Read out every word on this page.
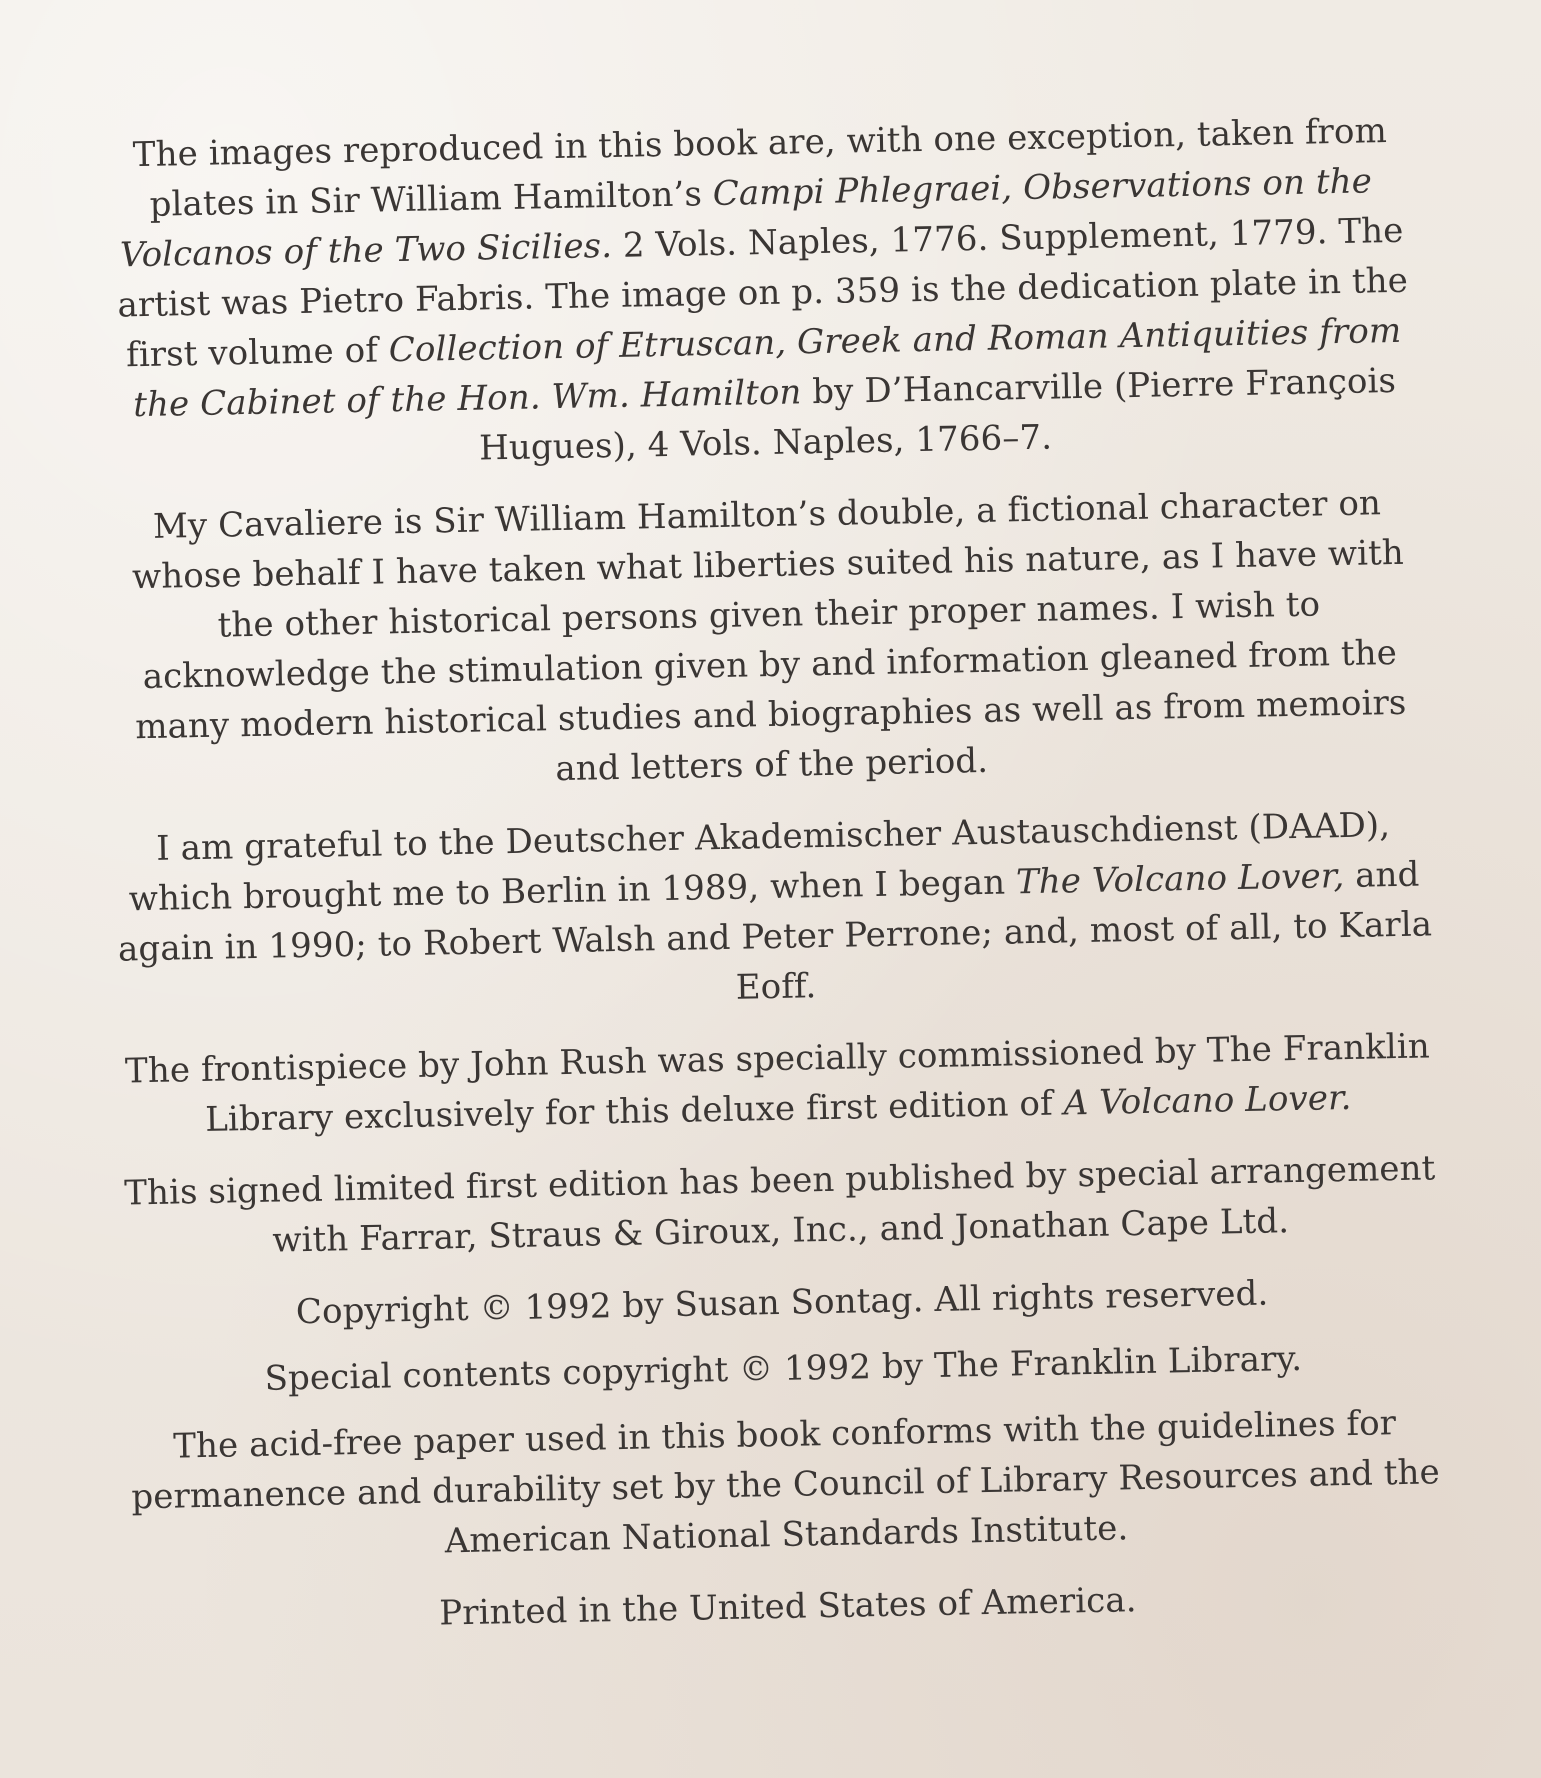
The images reproduced in this book are, with one exception, taken from plates in Sir William Hamilton’s Campi Phlegraei, Observations on the Volcanos of the Two Sicilies. 2 Vols. Naples, 1776. Supplement, 1779. The artist was Pietro Fabris. The image on p. 359 is the dedication plate in the first volume of Collection of Etruscan, Greek and Roman Antiquities from the Cabinet of the Hon. Wm. Hamilton by D’Hancarville (Pierre François Hugues), 4 Vols. Naples, 1766–7.

My Cavaliere is Sir William Hamilton’s double, a fictional character on whose behalf I have taken what liberties suited his nature, as I have with the other historical persons given their proper names. I wish to acknowledge the stimulation given by and information gleaned from the many modern historical studies and biographies as well as from memoirs and letters of the period.

I am grateful to the Deutscher Akademischer Austauschdienst (DAAD), which brought me to Berlin in 1989, when I began The Volcano Lover, and again in 1990; to Robert Walsh and Peter Perrone; and, most of all, to Karla Eoff.

The frontispiece by John Rush was specially commissioned by The Franklin Library exclusively for this deluxe first edition of A Volcano Lover.

This signed limited first edition has been published by special arrangement with Farrar, Straus & Giroux, Inc., and Jonathan Cape Ltd.

Copyright © 1992 by Susan Sontag. All rights reserved.

Special contents copyright © 1992 by The Franklin Library.

The acid-free paper used in this book conforms with the guidelines for permanence and durability set by the Council of Library Resources and the American National Standards Institute.

Printed in the United States of America.
